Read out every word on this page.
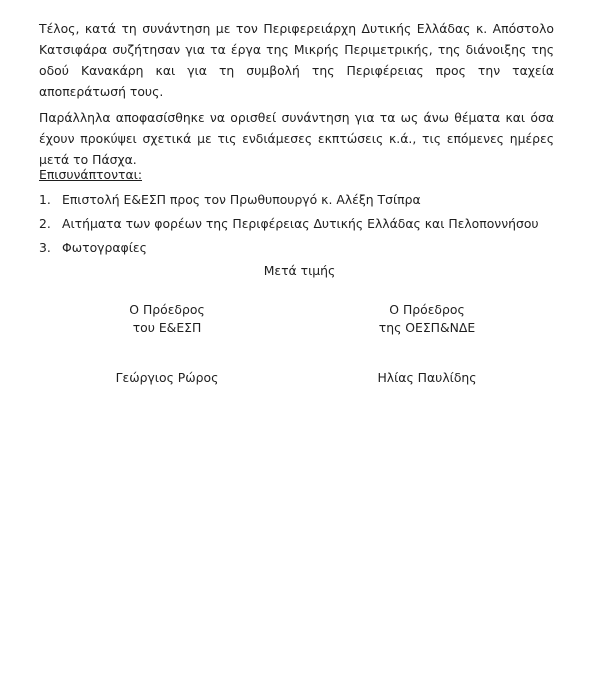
Τέλος, κατά τη συνάντηση με τον Περιφερειάρχη Δυτικής Ελλάδας κ. Απόστολο Κατσιφάρα συζήτησαν για τα έργα της Μικρής Περιμετρικής, της διάνοιξης της οδού Κανακάρη και για τη συμβολή της Περιφέρειας προς την ταχεία αποπεράτωσή τους.

Παράλληλα αποφασίσθηκε να ορισθεί συνάντηση για τα ως άνω θέματα και όσα έχουν προκύψει σχετικά με τις ενδιάμεσες εκπτώσεις κ.ά., τις επόμενες ημέρες μετά το Πάσχα.

Επισυνάπτονται:

1. Επιστολή Ε&ΕΣΠ προς τον Πρωθυπουργό κ. Αλέξη Τσίπρα
2. Αιτήματα των φορέων της Περιφέρειας Δυτικής Ελλάδας και Πελοποννήσου
3. Φωτογραφίες

Μετά τιμής

Ο Πρόεδρος
του Ε&ΕΣΠ
Ο Πρόεδρος
της ΟΕΣΠ&ΝΔΕ
Γεώργιος Ρώρος	Ηλίας Παυλίδης
